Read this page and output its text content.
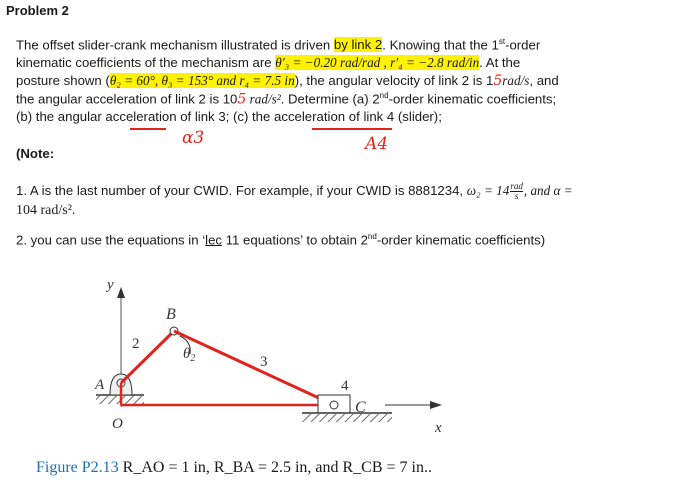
Problem 2
The offset slider-crank mechanism illustrated is driven by link 2. Knowing that the 1st-order
kinematic coefficients of the mechanism are θ′₃ = −0.20 rad/rad , r′₄ = −2.8 rad/in. At the
posture shown (θ₂ = 60°, θ₃ = 153° and r₄ = 7.5 in), the angular velocity of link 2 is 15rad/s, and
the angular acceleration of link 2 is 105 rad/s². Determine (a) 2nd-order kinematic coefficients;
(b) the angular acceleration of link 3; (c) the acceleration of link 4 (slider);
α3	A4
(Note:
1. A is the last number of your CWID. For example, if your CWID is 8881234, ω₂ = 14 rad
s , and α =
104 rad/s².
2. you can use the equations in ‘lec 11 equations’ to obtain 2nd-order kinematic coefficients)
y
A
x
O
2
$\theta_2$
B
3
4
C
Figure P2.13 R_AO = 1 in, R_BA = 2.5 in, and R_CB = 7 in..
